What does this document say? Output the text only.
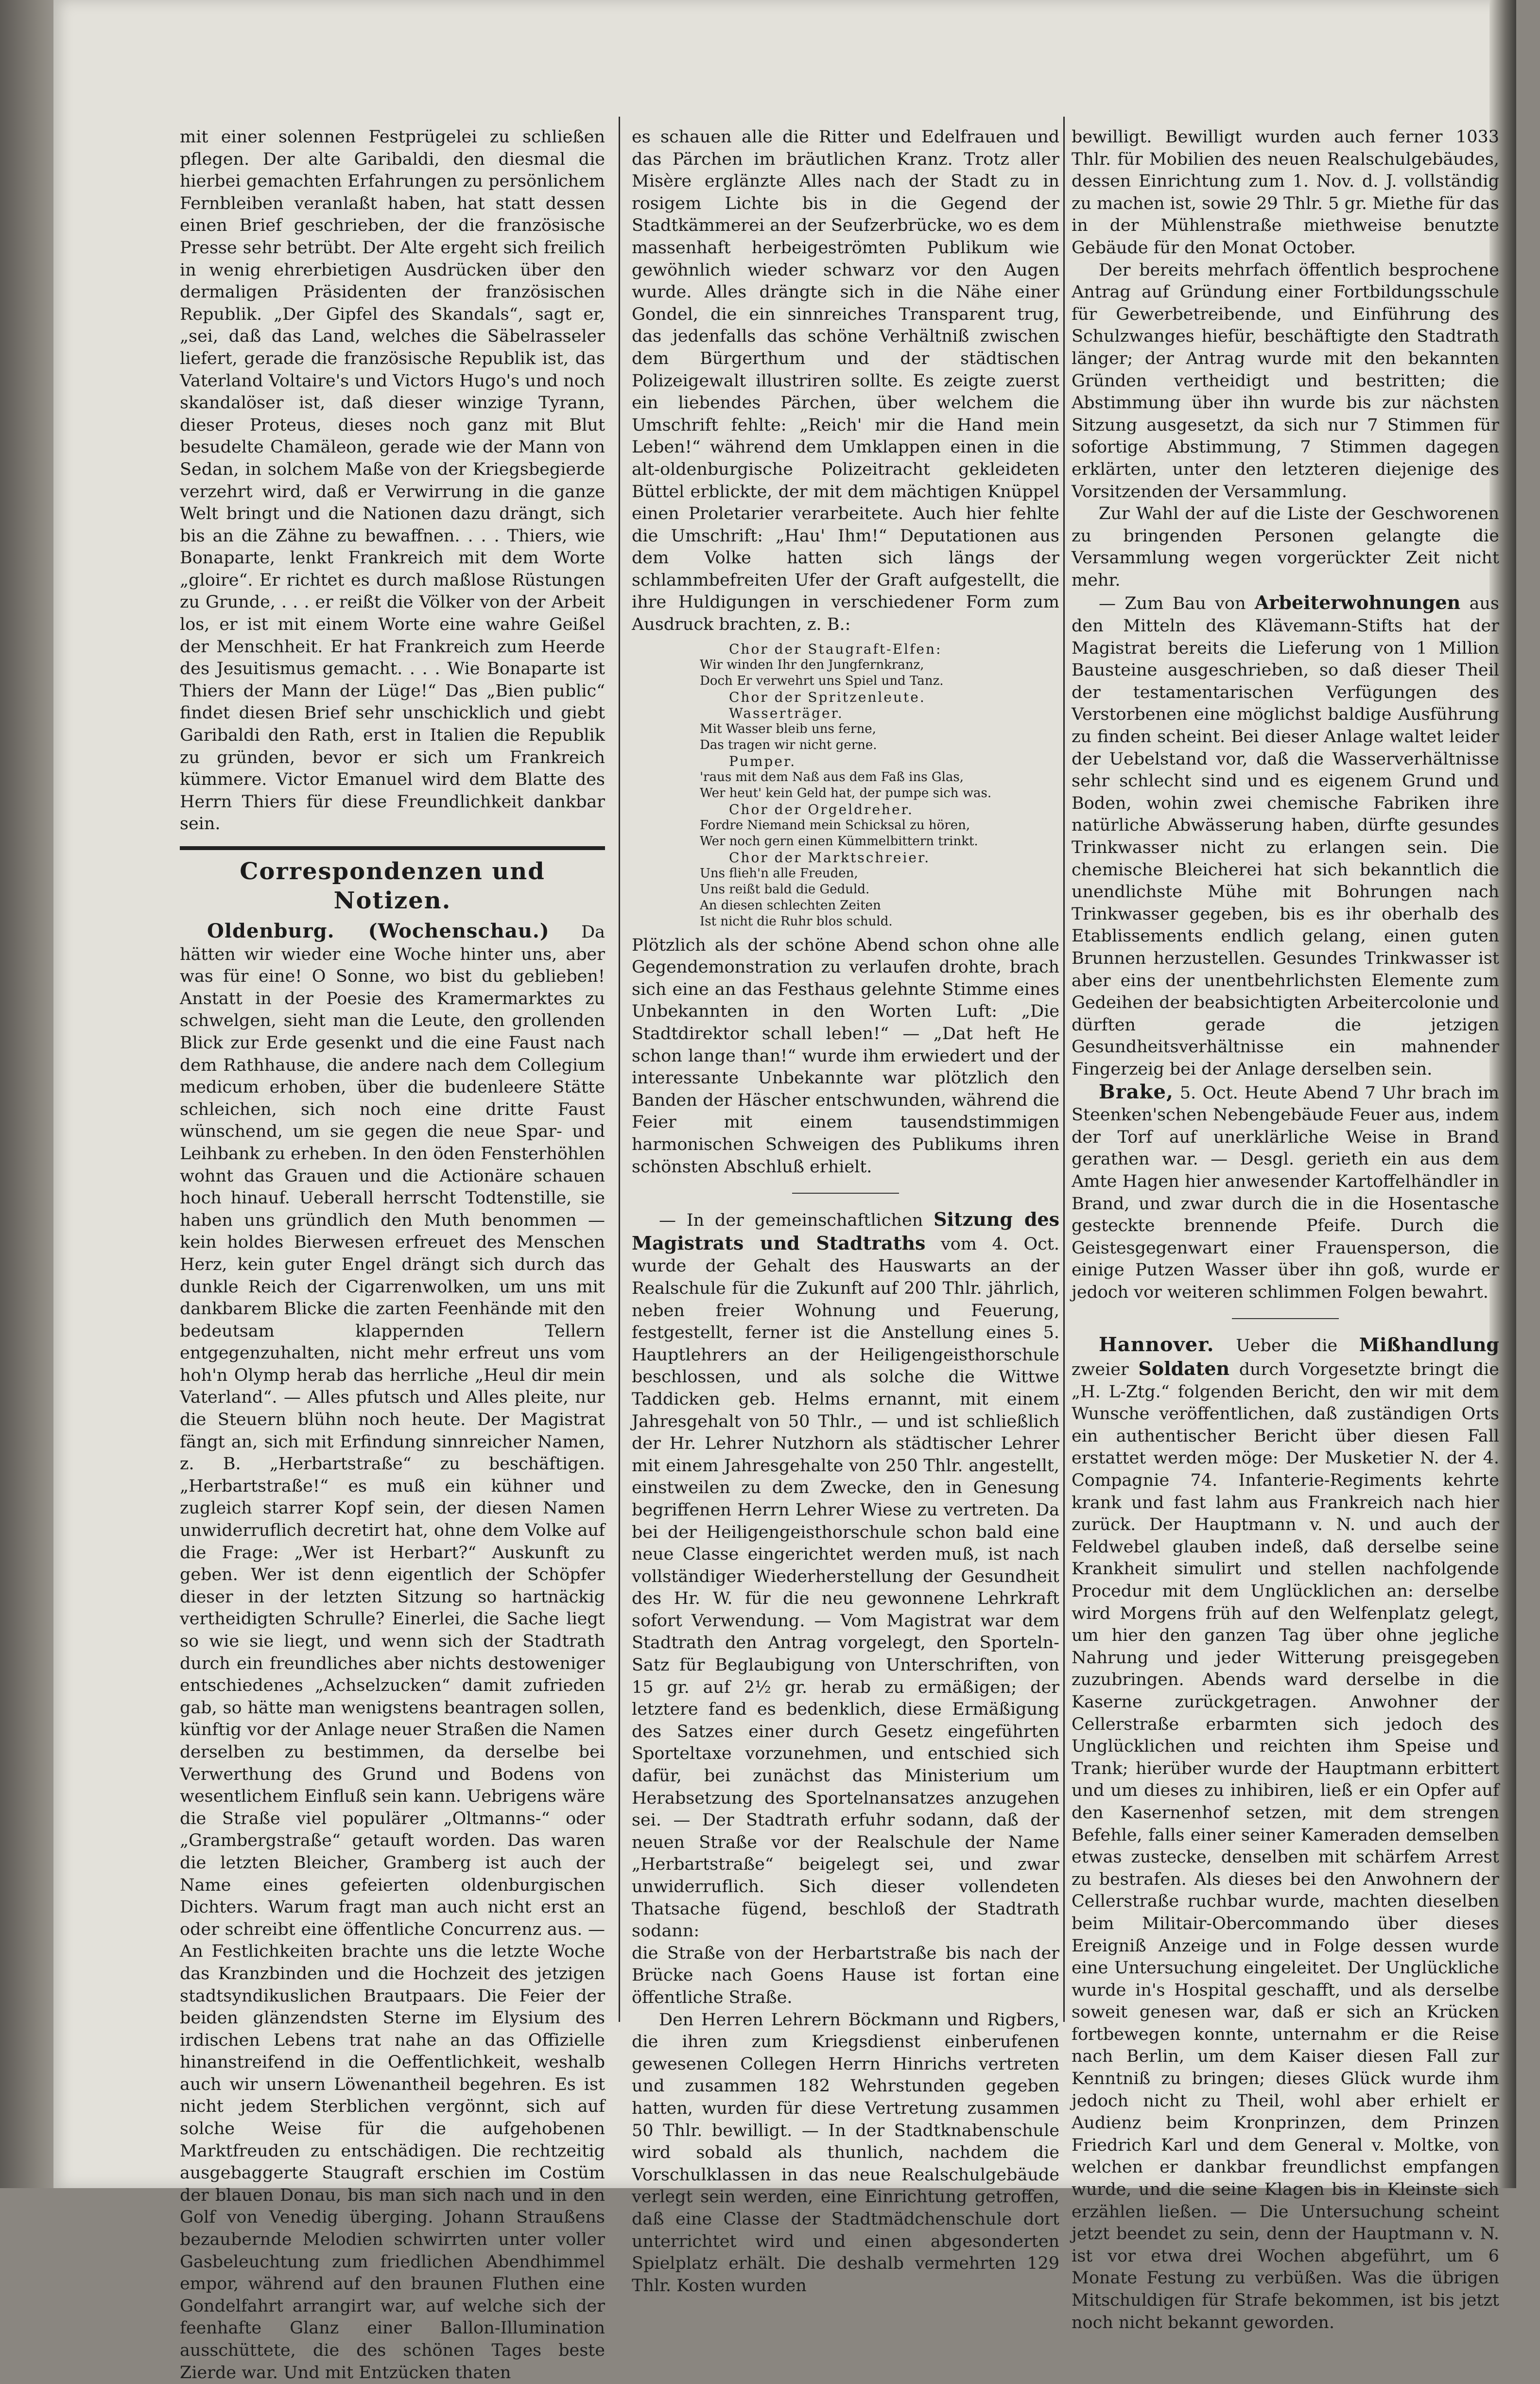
mit einer solennen Festprügelei zu schließen pflegen. Der alte Garibaldi, den diesmal die hierbei gemachten Erfahrungen zu persönlichem Fernbleiben veranlaßt haben, hat statt dessen einen Brief geschrieben, der die französische Presse sehr betrübt. Der Alte ergeht sich freilich in wenig ehrerbietigen Ausdrücken über den dermaligen Präsidenten der französischen Republik. „Der Gipfel des Skandals“, sagt er, „sei, daß das Land, welches die Säbelrasseler liefert, gerade die französische Republik ist, das Vaterland Voltaire's und Victors Hugo's und noch skandalöser ist, daß dieser winzige Tyrann, dieser Proteus, dieses noch ganz mit Blut besudelte Chamäleon, gerade wie der Mann von Sedan, in solchem Maße von der Kriegsbegierde verzehrt wird, daß er Verwirrung in die ganze Welt bringt und die Nationen dazu drängt, sich bis an die Zähne zu bewaffnen. . . . Thiers, wie Bonaparte, lenkt Frankreich mit dem Worte „gloire“. Er richtet es durch maßlose Rüstungen zu Grunde, . . . er reißt die Völker von der Arbeit los, er ist mit einem Worte eine wahre Geißel der Menschheit. Er hat Frankreich zum Heerde des Jesuitismus gemacht. . . . Wie Bonaparte ist Thiers der Mann der Lüge!“ Das „Bien public“ findet diesen Brief sehr unschicklich und giebt Garibaldi den Rath, erst in Italien die Republik zu gründen, bevor er sich um Frankreich kümmere. Victor Emanuel wird dem Blatte des Herrn Thiers für diese Freundlichkeit dankbar sein.

Correspondenzen und Notizen.

Oldenburg. (Wochenschau.) Da hätten wir wieder eine Woche hinter uns, aber was für eine! O Sonne, wo bist du geblieben! Anstatt in der Poesie des Kramermarktes zu schwelgen, sieht man die Leute, den grollenden Blick zur Erde gesenkt und die eine Faust nach dem Rathhause, die andere nach dem Collegium medicum erhoben, über die budenleere Stätte schleichen, sich noch eine dritte Faust wünschend, um sie gegen die neue Spar- und Leihbank zu erheben. In den öden Fensterhöhlen wohnt das Grauen und die Actionäre schauen hoch hinauf. Ueberall herrscht Todtenstille, sie haben uns gründlich den Muth benommen — kein holdes Bierwesen erfreuet des Menschen Herz, kein guter Engel drängt sich durch das dunkle Reich der Cigarrenwolken, um uns mit dankbarem Blicke die zarten Feenhände mit den bedeutsam klappernden Tellern entgegenzuhalten, nicht mehr erfreut uns vom hoh'n Olymp herab das herrliche „Heul dir mein Vaterland“. — Alles pfutsch und Alles pleite, nur die Steuern blühn noch heute. Der Magistrat fängt an, sich mit Erfindung sinnreicher Namen, z. B. „Herbartstraße“ zu beschäftigen. „Herbartstraße!“ es muß ein kühner und zugleich starrer Kopf sein, der diesen Namen unwiderruflich decretirt hat, ohne dem Volke auf die Frage: „Wer ist Herbart?“ Auskunft zu geben. Wer ist denn eigentlich der Schöpfer dieser in der letzten Sitzung so hartnäckig vertheidigten Schrulle? Einerlei, die Sache liegt so wie sie liegt, und wenn sich der Stadtrath durch ein freundliches aber nichts destoweniger entschiedenes „Achselzucken“ damit zufrieden gab, so hätte man wenigstens beantragen sollen, künftig vor der Anlage neuer Straßen die Namen derselben zu bestimmen, da derselbe bei Verwerthung des Grund und Bodens von wesentlichem Einfluß sein kann. Uebrigens wäre die Straße viel populärer „Oltmanns-“ oder „Grambergstraße“ getauft worden. Das waren die letzten Bleicher, Gramberg ist auch der Name eines gefeierten oldenburgischen Dichters. Warum fragt man auch nicht erst an oder schreibt eine öffentliche Concurrenz aus. — An Festlichkeiten brachte uns die letzte Woche das Kranzbinden und die Hochzeit des jetzigen stadtsyndikuslichen Brautpaars. Die Feier der beiden glänzendsten Sterne im Elysium des irdischen Lebens trat nahe an das Offizielle hinanstreifend in die Oeffentlichkeit, weshalb auch wir unsern Löwenantheil begehren. Es ist nicht jedem Sterblichen vergönnt, sich auf solche Weise für die aufgehobenen Marktfreuden zu entschädigen. Die rechtzeitig ausgebaggerte Staugraft erschien im Costüm der blauen Donau, bis man sich nach und in den Golf von Venedig überging. Johann Straußens bezaubernde Melodien schwirrten unter voller Gasbeleuchtung zum friedlichen Abendhimmel empor, während auf den braunen Fluthen eine Gondelfahrt arrangirt war, auf welche sich der feenhafte Glanz einer Ballon-Illumination ausschüttete, die des schönen Tages beste Zierde war. Und mit Entzücken thaten

es schauen alle die Ritter und Edelfrauen und das Pärchen im bräutlichen Kranz. Trotz aller Misère erglänzte Alles nach der Stadt zu in rosigem Lichte bis in die Gegend der Stadtkämmerei an der Seufzerbrücke, wo es dem massenhaft herbeigeströmten Publikum wie gewöhnlich wieder schwarz vor den Augen wurde. Alles drängte sich in die Nähe einer Gondel, die ein sinnreiches Transparent trug, das jedenfalls das schöne Verhältniß zwischen dem Bürgerthum und der städtischen Polizeigewalt illustriren sollte. Es zeigte zuerst ein liebendes Pärchen, über welchem die Umschrift fehlte: „Reich' mir die Hand mein Leben!“ während dem Umklappen einen in die alt-oldenburgische Polizeitracht gekleideten Büttel erblickte, der mit dem mächtigen Knüppel einen Proletarier verarbeitete. Auch hier fehlte die Umschrift: „Hau' Ihm!“ Deputationen aus dem Volke hatten sich längs der schlammbefreiten Ufer der Graft aufgestellt, die ihre Huldigungen in verschiedener Form zum Ausdruck brachten, z. B.:

Chor der Staugraft-Elfen:
Wir winden Ihr den Jungfernkranz,
Doch Er verwehrt uns Spiel und Tanz.
Chor der Spritzenleute.
Wasserträger.
Mit Wasser bleib uns ferne,
Das tragen wir nicht gerne.
Pumper.
'raus mit dem Naß aus dem Faß ins Glas,
Wer heut' kein Geld hat, der pumpe sich was.
Chor der Orgeldreher.
Fordre Niemand mein Schicksal zu hören,
Wer noch gern einen Kümmelbittern trinkt.
Chor der Marktschreier.
Uns flieh'n alle Freuden,
Uns reißt bald die Geduld.
An diesen schlechten Zeiten
Ist nicht die Ruhr blos schuld.

Plötzlich als der schöne Abend schon ohne alle Gegendemonstration zu verlaufen drohte, brach sich eine an das Festhaus gelehnte Stimme eines Unbekannten in den Worten Luft: „Die Stadtdirektor schall leben!“ — „Dat heft He schon lange than!“ wurde ihm erwiedert und der interessante Unbekannte war plötzlich den Banden der Häscher entschwunden, während die Feier mit einem tausendstimmigen harmonischen Schweigen des Publikums ihren schönsten Abschluß erhielt.

— In der gemeinschaftlichen Sitzung des Magistrats und Stadtraths vom 4. Oct. wurde der Gehalt des Hauswarts an der Realschule für die Zukunft auf 200 Thlr. jährlich, neben freier Wohnung und Feuerung, festgestellt, ferner ist die Anstellung eines 5. Hauptlehrers an der Heiligengeisthorschule beschlossen, und als solche die Wittwe Taddicken geb. Helms ernannt, mit einem Jahresgehalt von 50 Thlr., — und ist schließlich der Hr. Lehrer Nutzhorn als städtischer Lehrer mit einem Jahresgehalte von 250 Thlr. angestellt, einstweilen zu dem Zwecke, den in Genesung begriffenen Herrn Lehrer Wiese zu vertreten. Da bei der Heiligengeisthorschule schon bald eine neue Classe eingerichtet werden muß, ist nach vollständiger Wiederherstellung der Gesundheit des Hr. W. für die neu gewonnene Lehrkraft sofort Verwendung. — Vom Magistrat war dem Stadtrath den Antrag vorgelegt, den Sporteln-Satz für Beglaubigung von Unterschriften, von 15 gr. auf 2½ gr. herab zu ermäßigen; der letztere fand es bedenklich, diese Ermäßigung des Satzes einer durch Gesetz eingeführten Sporteltaxe vorzunehmen, und entschied sich dafür, bei zunächst das Ministerium um Herabsetzung des Sportelnansatzes anzugehen sei. — Der Stadtrath erfuhr sodann, daß der neuen Straße vor der Realschule der Name „Herbartstraße“ beigelegt sei, und zwar unwiderruflich. Sich dieser vollendeten Thatsache fügend, beschloß der Stadtrath sodann:

die Straße von der Herbartstraße bis nach der Brücke nach Goens Hause ist fortan eine öffentliche Straße.

Den Herren Lehrern Böckmann und Rigbers, die ihren zum Kriegsdienst einberufenen gewesenen Collegen Herrn Hinrichs vertreten und zusammen 182 Wehrstunden gegeben hatten, wurden für diese Vertretung zusammen 50 Thlr. bewilligt. — In der Stadtknabenschule wird sobald als thunlich, nachdem die Vorschulklassen in das neue Realschulgebäude verlegt sein werden, eine Einrichtung getroffen, daß eine Classe der Stadtmädchenschule dort unterrichtet wird und einen abgesonderten Spielplatz erhält. Die deshalb vermehrten 129 Thlr. Kosten wurden

bewilligt. Bewilligt wurden auch ferner 1033 Thlr. für Mobilien des neuen Realschulgebäudes, dessen Einrichtung zum 1. Nov. d. J. vollständig zu machen ist, sowie 29 Thlr. 5 gr. Miethe für das in der Mühlenstraße miethweise benutzte Gebäude für den Monat October.

Der bereits mehrfach öffentlich besprochene Antrag auf Gründung einer Fortbildungsschule für Gewerbetreibende, und Einführung des Schulzwanges hiefür, beschäftigte den Stadtrath länger; der Antrag wurde mit den bekannten Gründen vertheidigt und bestritten; die Abstimmung über ihn wurde bis zur nächsten Sitzung ausgesetzt, da sich nur 7 Stimmen für sofortige Abstimmung, 7 Stimmen dagegen erklärten, unter den letzteren diejenige des Vorsitzenden der Versammlung.

Zur Wahl der auf die Liste der Geschworenen zu bringenden Personen gelangte die Versammlung wegen vorgerückter Zeit nicht mehr.

— Zum Bau von Arbeiterwohnungen aus den Mitteln des Klävemann-Stifts hat der Magistrat bereits die Lieferung von 1 Million Bausteine ausgeschrieben, so daß dieser Theil der testamentarischen Verfügungen des Verstorbenen eine möglichst baldige Ausführung zu finden scheint. Bei dieser Anlage waltet leider der Uebelstand vor, daß die Wasserverhältnisse sehr schlecht sind und es eigenem Grund und Boden, wohin zwei chemische Fabriken ihre natürliche Abwässerung haben, dürfte gesundes Trinkwasser nicht zu erlangen sein. Die chemische Bleicherei hat sich bekanntlich die unendlichste Mühe mit Bohrungen nach Trinkwasser gegeben, bis es ihr oberhalb des Etablissements endlich gelang, einen guten Brunnen herzustellen. Gesundes Trinkwasser ist aber eins der unentbehrlichsten Elemente zum Gedeihen der beabsichtigten Arbeitercolonie und dürften gerade die jetzigen Gesundheitsverhältnisse ein mahnender Fingerzeig bei der Anlage derselben sein.

Brake, 5. Oct. Heute Abend 7 Uhr brach im Steenken'schen Nebengebäude Feuer aus, indem der Torf auf unerklärliche Weise in Brand gerathen war. — Desgl. gerieth ein aus dem Amte Hagen hier anwesender Kartoffelhändler in Brand, und zwar durch die in die Hosentasche gesteckte brennende Pfeife. Durch die Geistesgegenwart einer Frauensperson, die einige Putzen Wasser über ihn goß, wurde er jedoch vor weiteren schlimmen Folgen bewahrt.

Hannover. Ueber die Mißhandlung zweier Soldaten durch Vorgesetzte bringt die „H. L-Ztg.“ folgenden Bericht, den wir mit dem Wunsche veröffentlichen, daß zuständigen Orts ein authentischer Bericht über diesen Fall erstattet werden möge: Der Musketier N. der 4. Compagnie 74. Infanterie-Regiments kehrte krank und fast lahm aus Frankreich nach hier zurück. Der Hauptmann v. N. und auch der Feldwebel glauben indeß, daß derselbe seine Krankheit simulirt und stellen nachfolgende Procedur mit dem Unglücklichen an: derselbe wird Morgens früh auf den Welfenplatz gelegt, um hier den ganzen Tag über ohne jegliche Nahrung und jeder Witterung preisgegeben zuzubringen. Abends ward derselbe in die Kaserne zurückgetragen. Anwohner der Cellerstraße erbarmten sich jedoch des Unglücklichen und reichten ihm Speise und Trank; hierüber wurde der Hauptmann erbittert und um dieses zu inhibiren, ließ er ein Opfer auf den Kasernenhof setzen, mit dem strengen Befehle, falls einer seiner Kameraden demselben etwas zustecke, denselben mit schärfem Arrest zu bestrafen. Als dieses bei den Anwohnern der Cellerstraße ruchbar wurde, machten dieselben beim Militair-Obercommando über dieses Ereigniß Anzeige und in Folge dessen wurde eine Untersuchung eingeleitet. Der Unglückliche wurde in's Hospital geschafft, und als derselbe soweit genesen war, daß er sich an Krücken fortbewegen konnte, unternahm er die Reise nach Berlin, um dem Kaiser diesen Fall zur Kenntniß zu bringen; dieses Glück wurde ihm jedoch nicht zu Theil, wohl aber erhielt er Audienz beim Kronprinzen, dem Prinzen Friedrich Karl und dem General v. Moltke, von welchen er dankbar freundlichst empfangen wurde, und die seine Klagen bis in Kleinste sich erzählen ließen. — Die Untersuchung scheint jetzt beendet zu sein, denn der Hauptmann v. N. ist vor etwa drei Wochen abgeführt, um 6 Monate Festung zu verbüßen. Was die übrigen Mitschuldigen für Strafe bekommen, ist bis jetzt noch nicht bekannt geworden.
